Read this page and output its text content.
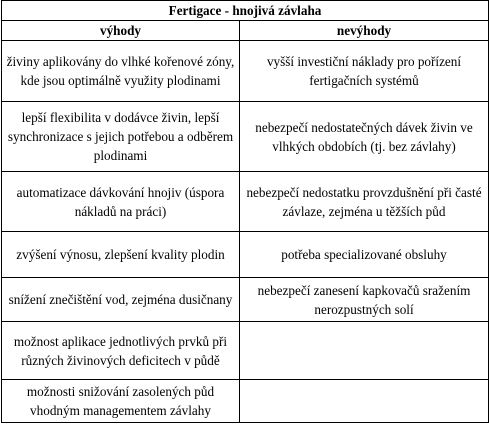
Fertigace - hnojivá závlaha	
výhody	nevýhody
živiny aplikovány do vlhké kořenové zóny, kde jsou optimálně využity plodinami	vyšší investiční náklady pro pořízení fertigačních systémů
lepší flexibilita v dodávce živin, lepší synchronizace s jejich potřebou a odběrem plodinami	nebezpečí nedostatečných dávek živin ve vlhkých obdobích (tj. bez závlahy)
automatizace dávkování hnojiv (úspora nákladů na práci)	nebezpečí nedostatku provzdušnění při časté závlaze, zejména u těžších půd
zvýšení výnosu, zlepšení kvality plodin	potřeba specializované obsluhy
snížení znečištění vod, zejména dusičnany	nebezpečí zanesení kapkovačů sražením nerozpustných solí
možnost aplikace jednotlivých prvků při různých živinových deficitech v půdě	
možnosti snižování zasolených půd vhodným managementem závlahy	
